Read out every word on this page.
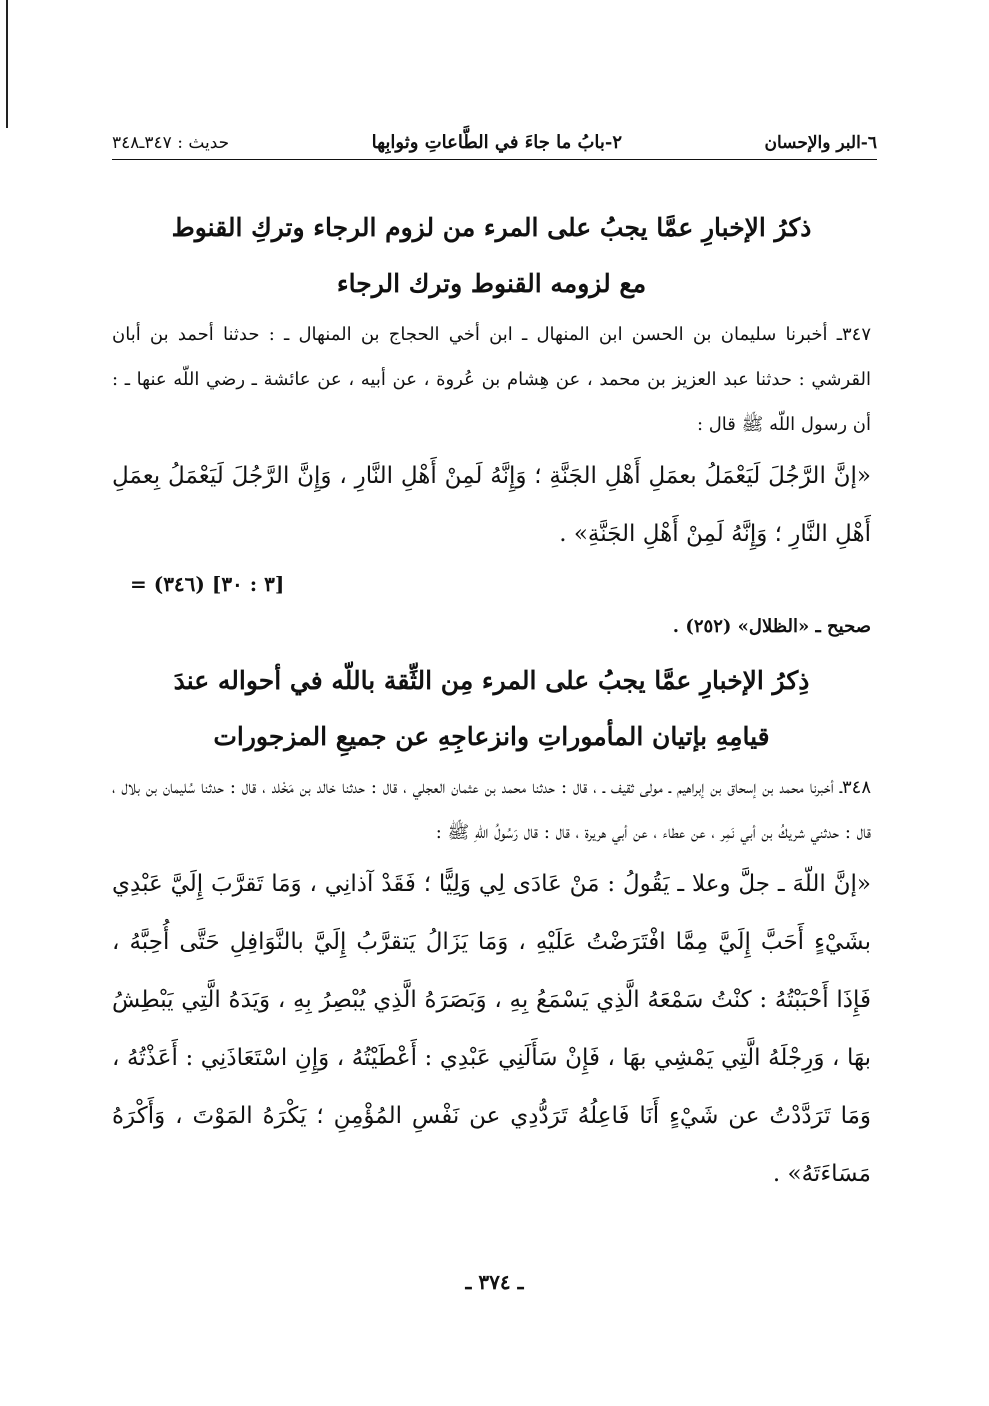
٦-البر والإحسان
٢-بابُ ما جاءَ في الطَّاعاتِ وثوابِها
حديث : ٣٤٧ـ٣٤٨

ذكرُ الإخبارِ عمَّا يجبُ على المرء من لزوم الرجاء وتركِ القنوط

مع لزومه القنوط وترك الرجاء

٣٤٧ـ أخبرنا سليمان بن الحسن ابن المنهال ـ ابن أخي الحجاج بن المنهال ـ : حدثنا أحمد بن أبان القرشي : حدثنا عبد العزيز بن محمد ، عن هِشام بن عُروة ، عن أبيه ، عن عائشة ـ رضي اللّه عنها ـ : أن رسول اللّه ﷺ قال :

«إنَّ الرَّجُلَ لَيَعْمَلُ بعمَلِ أَهْلِ الجَنَّةِ ؛ وَإِنَّهُ لَمِنْ أَهْلِ النَّارِ ، وَإِنَّ الرَّجُلَ لَيَعْمَلُ بِعمَلِ أَهْلِ النَّارِ ؛ وَإِنَّهُ لَمِنْ أَهْلِ الجَنَّةِ» .

= (٣٤٦) [٣ : ٣٠]

صحيح ـ «الظلال» (٢٥٢) .

ذِكرُ الإخبارِ عمَّا يجبُ على المرء مِن الثِّقة باللّه في أحواله عندَ

قيامِهِ بإتيان المأموراتِ وانزعاجِهِ عن جميعِ المزجورات

٣٤٨ـ أخبرنا محمد بن إسحاق بن إبراهيم ـ مولى ثقيف ـ ، قال : حدثنا محمد بن عثمان العجلي ، قال : حدثنا خالد بن مَخْلد ، قال : حدثنا سُليمان بن بلال ، قال : حدثني شريكُ بن أبي نَمِر ، عن عطاء ، عن أبي هريرة ، قال : قال رَسُولُ اللّهِ ﷺ :

«إنَّ اللّهَ ـ جلَّ وعلا ـ يَقُولُ : مَنْ عَادَى لِي وَلِيًّا ؛ فَقَدْ آذانِي ، وَمَا تَقرَّبَ إِلَيَّ عَبْدِي بشَيْءٍ أَحَبَّ إِلَيَّ مِمَّا افْتَرَضْتُ عَلَيْهِ ، وَمَا يَزَالُ يَتقرَّبُ إِلَيَّ بالنَّوَافِلِ حَتَّى أُحِبَّهُ ، فَإِذَا أَحْبَبْتُهُ : كنْتُ سَمْعَهُ الَّذِي يَسْمَعُ بِهِ ، وَبَصَرَهُ الَّذِي يُبْصِرُ بِهِ ، وَيَدَهُ الَّتِي يَبْطِشُ بهَا ، وَرِجْلَهُ الَّتِي يَمْشِي بهَا ، فَإِنْ سَأَلَنِي عَبْدِي : أَعْطَيْتُهُ ، وَإِنِ اسْتَعَاذَنِي : أَعَذْتُهُ ، وَمَا تَرَدَّدْتُ عن شَيْءٍ أَنَا فَاعِلُهُ تَرَدُّدِي عن نَفْسِ المُؤْمِنِ ؛ يَكْرَهُ المَوْتَ ، وَأَكْرَهُ مَسَاءَتَهُ» .

ـ ٣٧٤ ـ
